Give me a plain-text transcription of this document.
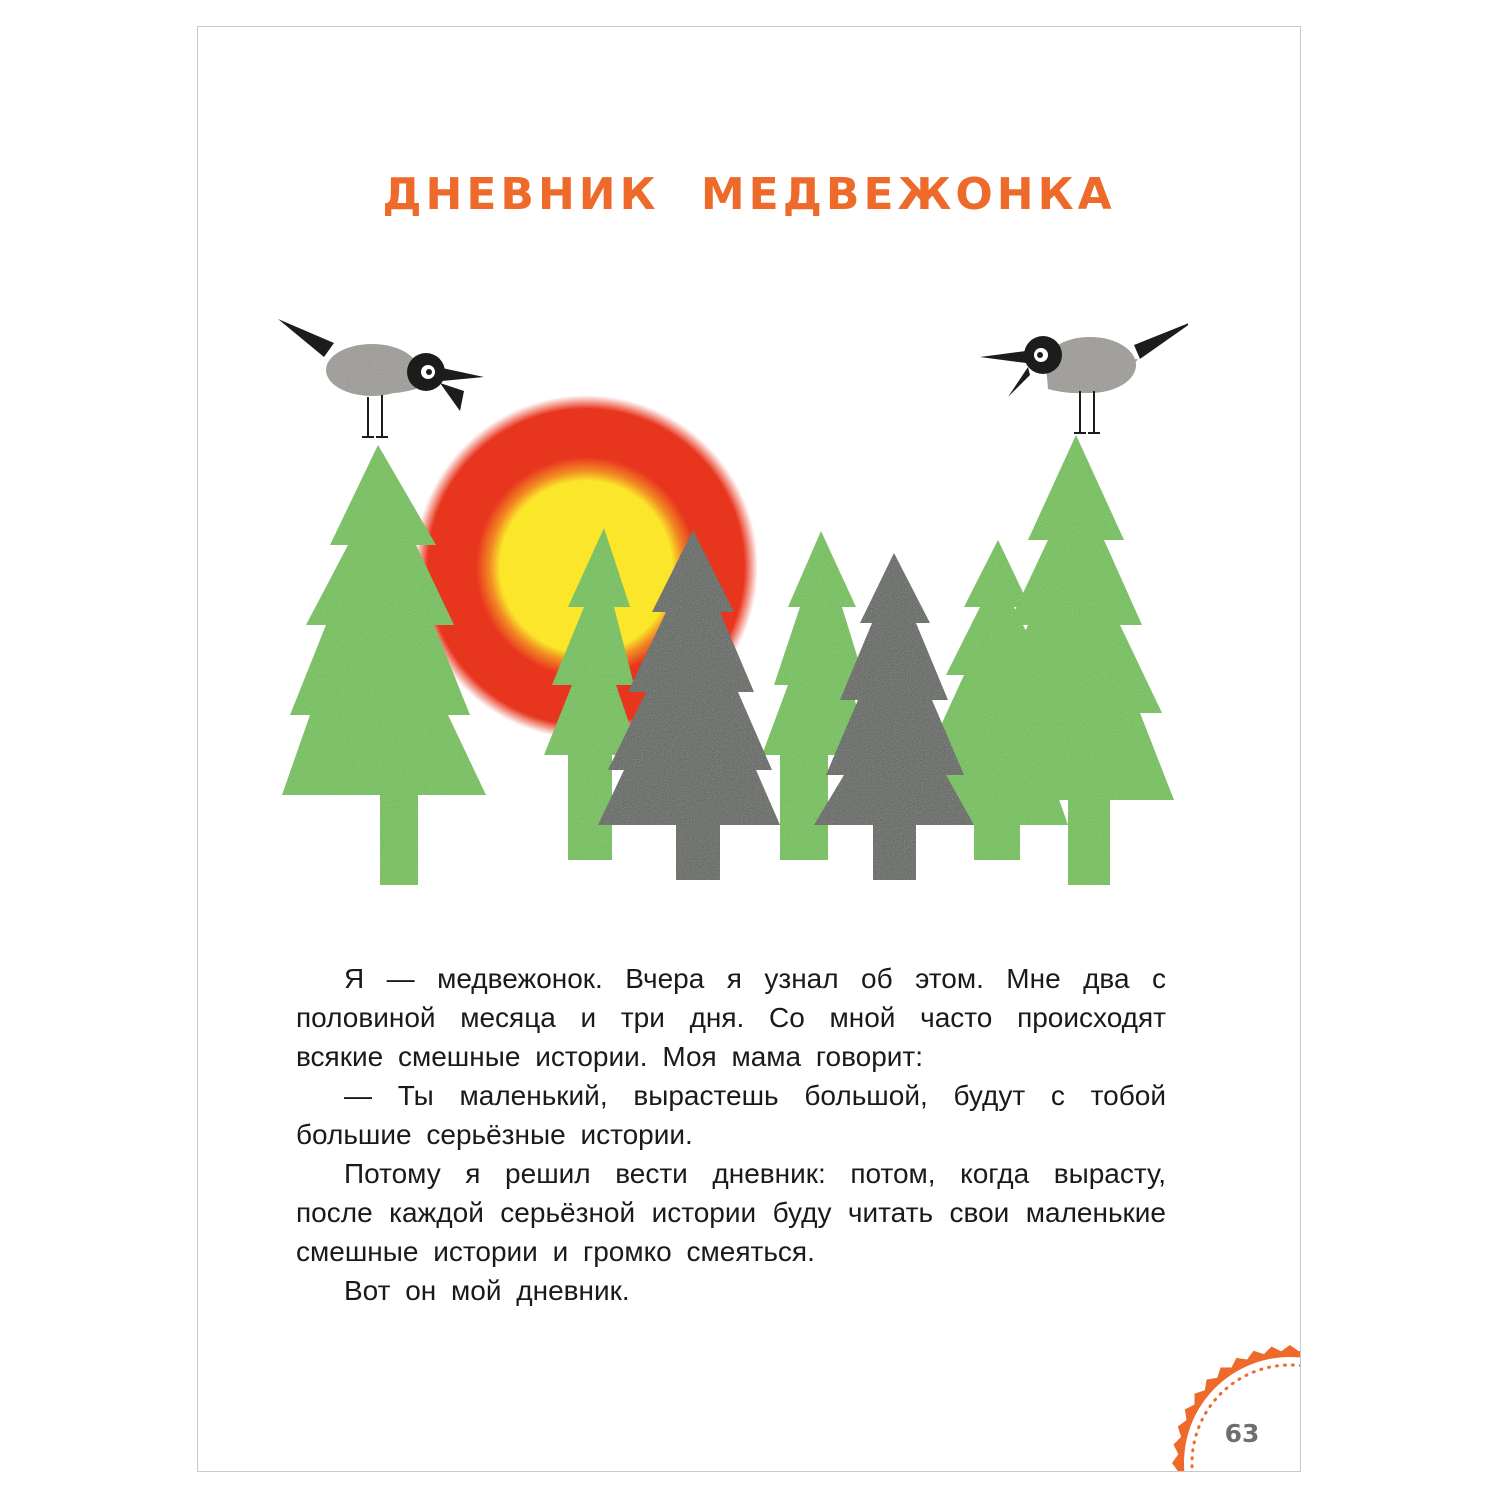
ДНЕВНИК МЕДВЕЖОНКА

Я — медвежонок. Вчера я узнал об этом. Мне два с половиной месяца и три дня. Со мной часто происходят всякие смешные истории. Моя мама говорит:

— Ты маленький, вырастешь большой, будут с тобой большие серьёзные истории.

Потому я решил вести дневник: потом, когда вырасту, после каждой серьёзной истории буду читать свои маленькие смешные истории и громко смеяться.

Вот он мой дневник.

63
